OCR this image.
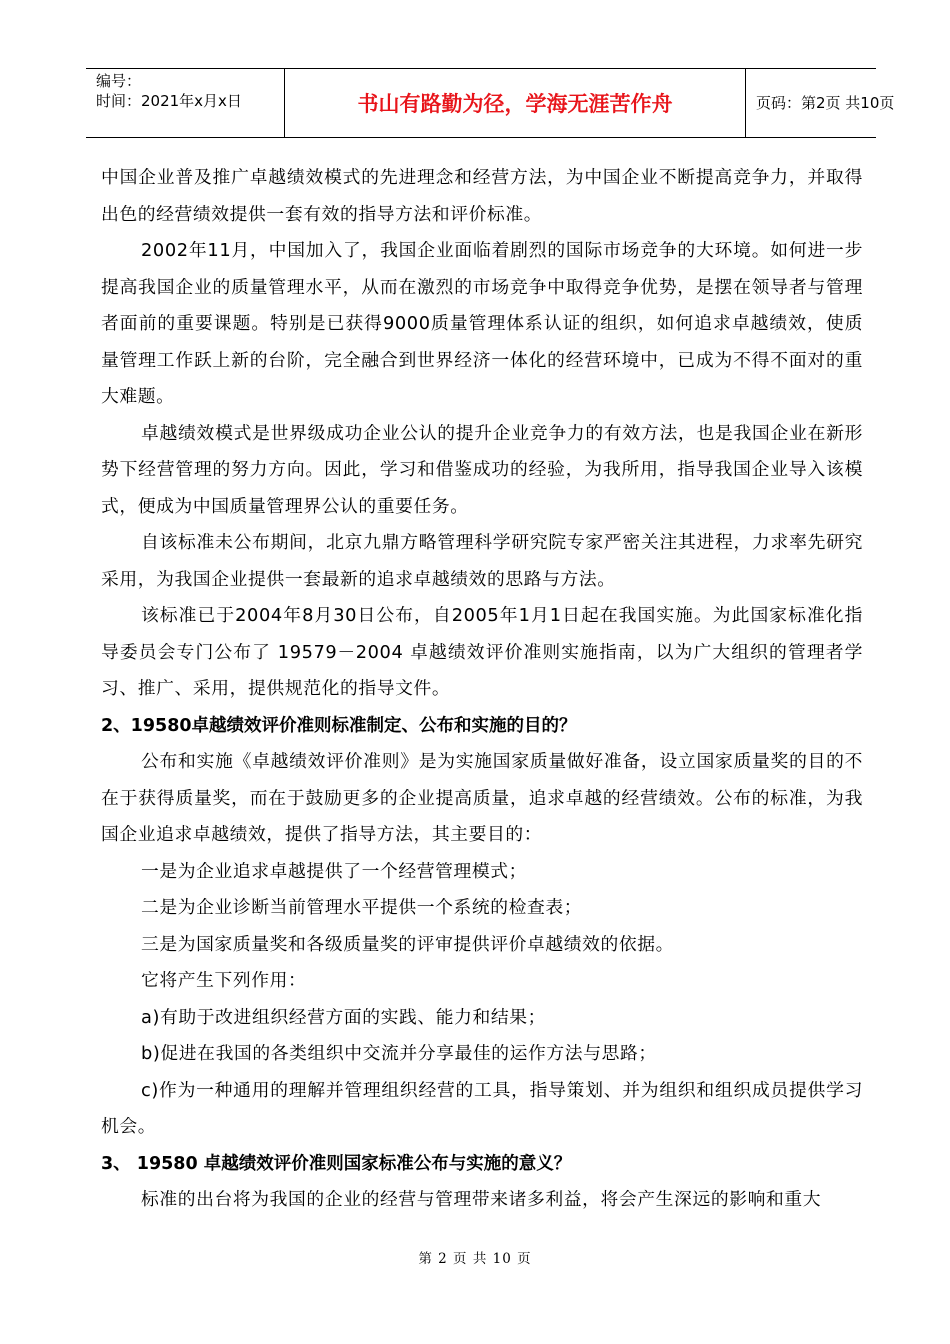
编号：
时间：2021年x月x日	书山有路勤为径，学海无涯苦作舟	页码：第2页 共10页

中国企业普及推广卓越绩效模式的先进理念和经营方法，为中国企业不断提高竞争力，并取得出色的经营绩效提供一套有效的指导方法和评价标准。

2002年11月，中国加入了，我国企业面临着剧烈的国际市场竞争的大环境。如何进一步提高我国企业的质量管理水平，从而在激烈的市场竞争中取得竞争优势，是摆在领导者与管理者面前的重要课题。特别是已获得9000质量管理体系认证的组织，如何追求卓越绩效，使质量管理工作跃上新的台阶，完全融合到世界经济一体化的经营环境中，已成为不得不面对的重大难题。

卓越绩效模式是世界级成功企业公认的提升企业竞争力的有效方法，也是我国企业在新形势下经营管理的努力方向。因此，学习和借鉴成功的经验，为我所用，指导我国企业导入该模式，便成为中国质量管理界公认的重要任务。

自该标准未公布期间，北京九鼎方略管理科学研究院专家严密关注其进程，力求率先研究采用，为我国企业提供一套最新的追求卓越绩效的思路与方法。

该标准已于2004年8月30日公布，自2005年1月1日起在我国实施。为此国家标准化指导委员会专门公布了 19579－2004 卓越绩效评价准则实施指南，以为广大组织的管理者学习、推广、采用，提供规范化的指导文件。

2、19580卓越绩效评价准则标准制定、公布和实施的目的？

公布和实施《卓越绩效评价准则》是为实施国家质量做好准备，设立国家质量奖的目的不在于获得质量奖，而在于鼓励更多的企业提高质量，追求卓越的经营绩效。公布的标准，为我国企业追求卓越绩效，提供了指导方法，其主要目的：

一是为企业追求卓越提供了一个经营管理模式；

二是为企业诊断当前管理水平提供一个系统的检查表；

三是为国家质量奖和各级质量奖的评审提供评价卓越绩效的依据。

它将产生下列作用：

a)有助于改进组织经营方面的实践、能力和结果；

b)促进在我国的各类组织中交流并分享最佳的运作方法与思路；

c)作为一种通用的理解并管理组织经营的工具，指导策划、并为组织和组织成员提供学习机会。

3、 19580 卓越绩效评价准则国家标准公布与实施的意义？

标准的出台将为我国的企业的经营与管理带来诸多利益，将会产生深远的影响和重大

第 2 页 共 10 页
